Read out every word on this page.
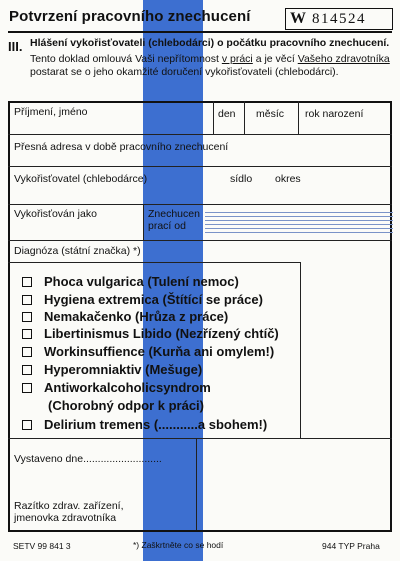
Potvrzení pracovního znechucení W 814524
III. Hlášení vykořisťovateli (chlebodárci) o počátku pracovního znechucení.
Tento doklad omlouvá Vaši nepřítomnost v práci a je věcí Vašeho zdravotníka postarat se o jeho okamžité doručení vykořisťovateli (chlebodárci).
Příjmení, jméno	den měsíc rok narození
Přesná adresa v době pracovního znechucení
Vykořisťovatel (chlebodárce)	sídlo okres
Vykořisťován jako	Znechucen
prací od
Diagnóza (státní značka) *)
Phoca vulgarica (Tulení nemoc)
Hygiena extremica (Štítící se práce)
Nemakačenko (Hrůza z práce)
Libertinismus Libido (Nezřízený chtíč)
Workinsuffience (Kurňa ani omylem!)
Hyperomniaktiv (Mešuge)
Antiworkalcoholicsyndrom
(Chorobný odpor k práci)
Delirium tremens (...........a sbohem!)
Vystaveno dne...........................
Razítko zdrav. zařízení,
jmenovka zdravotníka
SETV 99 841 3	*) Zaškrtněte co se hodí	944 TYP Praha
